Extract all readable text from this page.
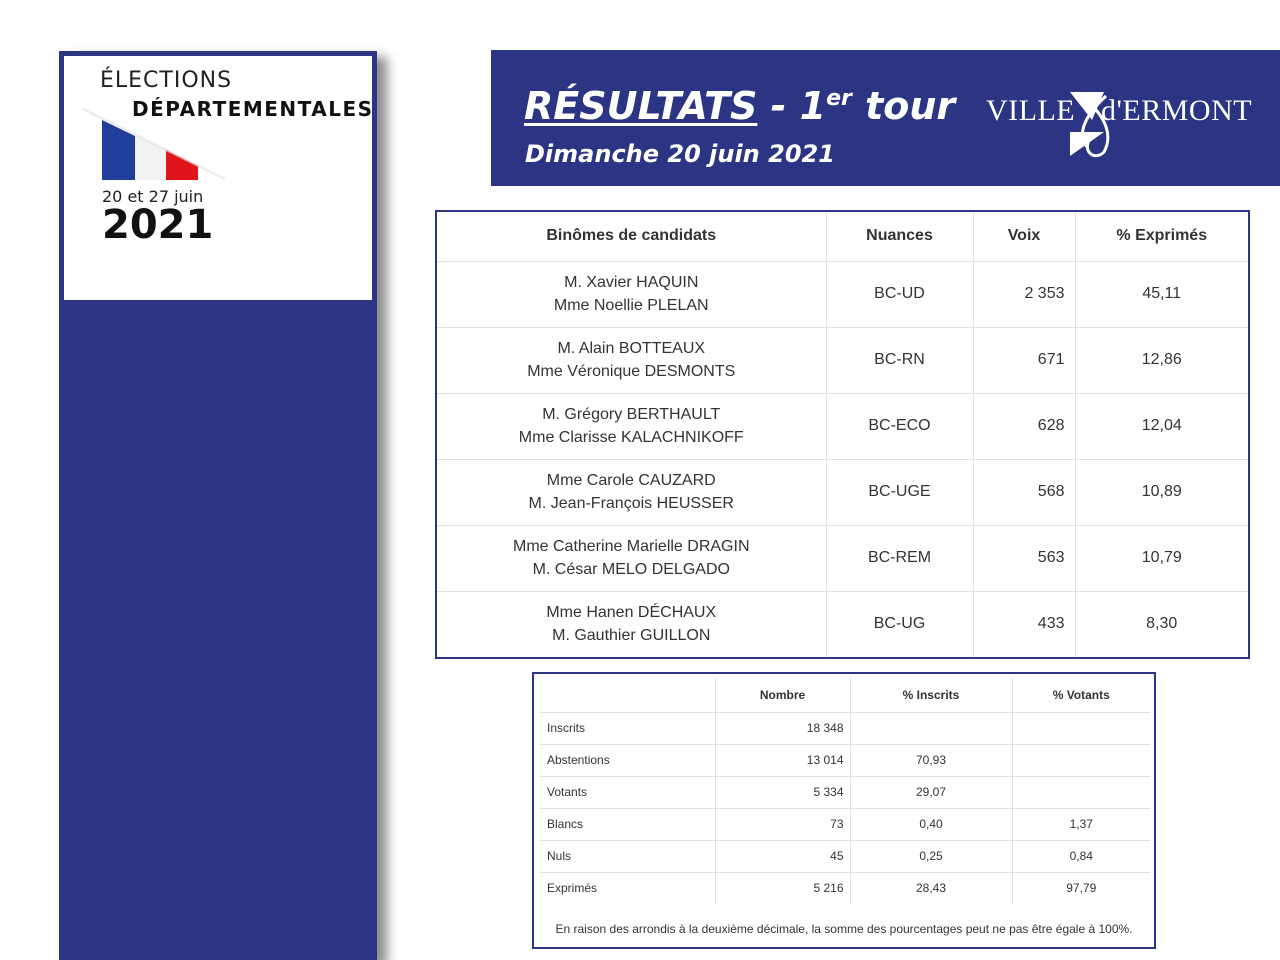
ÉLECTIONS
DÉPARTEMENTALES
20 et 27 juin
2021
RÉSULTATS - 1er tour
Dimanche 20 juin 2021
VILLE d'ERMONT
Binômes de candidats	Nuances	Voix	% Exprimés

M. Xavier HAQUIN
Mme Noellie PLELAN	BC-UD	2 353	45,11

M. Alain BOTTEAUX
Mme Véronique DESMONTS	BC-RN	671	12,86

M. Grégory BERTHAULT
Mme Clarisse KALACHNIKOFF	BC-ECO	628	12,04

Mme Carole CAUZARD
M. Jean-François HEUSSER	BC-UGE	568	10,89

Mme Catherine Marielle DRAGIN
M. César MELO DELGADO	BC-REM	563	10,79

Mme Hanen DÉCHAUX
M. Gauthier GUILLON	BC-UG	433	8,30
	Nombre	% Inscrits	% Votants
Inscrits	18 348		
Abstentions	13 014	70,93	
Votants	5 334	29,07	
Blancs	73	0,40	1,37
Nuls	45	0,25	0,84
Exprimés	5 216	28,43	97,79
En raison des arrondis à la deuxième décimale, la somme des pourcentages peut ne pas être égale à 100%.
